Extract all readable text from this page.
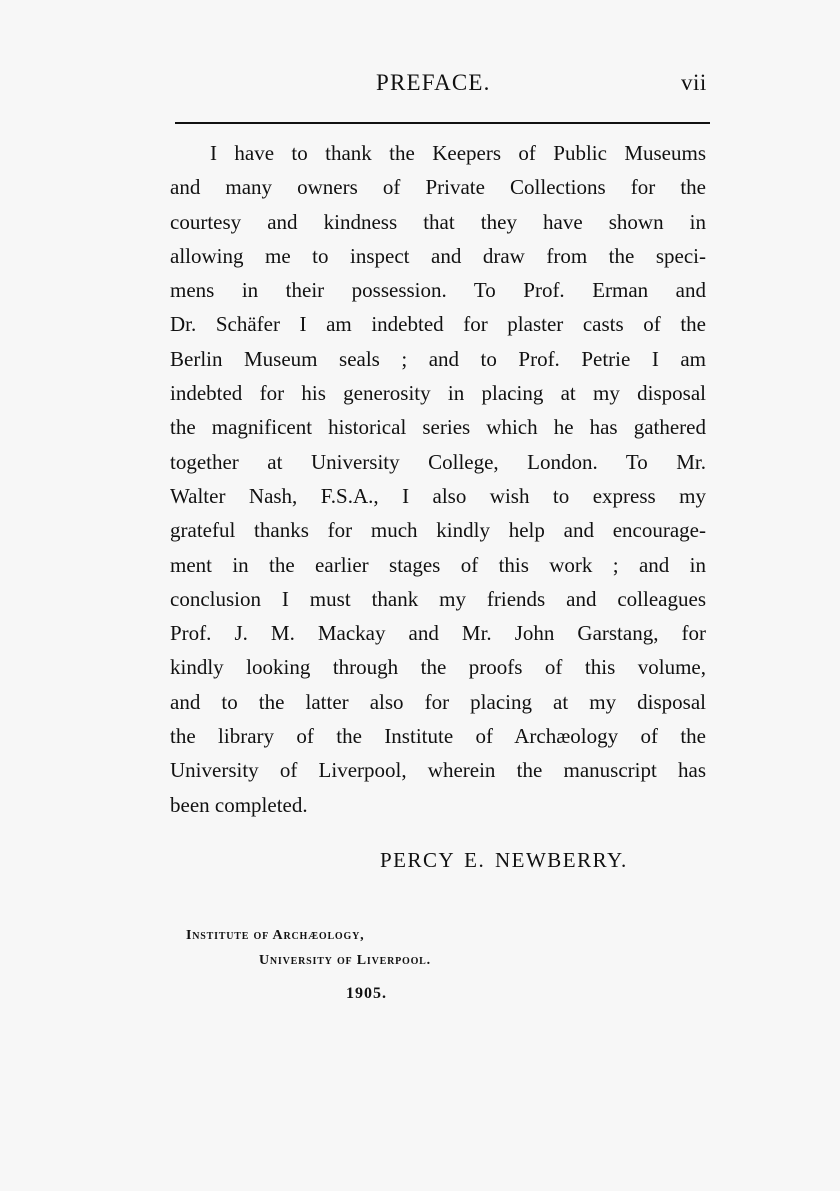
PREFACE.	vii
I have to thank the Keepers of Public Museums
and many owners of Private Collections for the
courtesy and kindness that they have shown in
allowing me to inspect and draw from the speci-
mens in their possession. To Prof. Erman and
Dr. Schäfer I am indebted for plaster casts of the
Berlin Museum seals ; and to Prof. Petrie I am
indebted for his generosity in placing at my disposal
the magnificent historical series which he has gathered
together at University College, London. To Mr.
Walter Nash, F.S.A., I also wish to express my
grateful thanks for much kindly help and encourage-
ment in the earlier stages of this work ; and in
conclusion I must thank my friends and colleagues
Prof. J. M. Mackay and Mr. John Garstang, for
kindly looking through the proofs of this volume,
and to the latter also for placing at my disposal
the library of the Institute of Archæology of the
University of Liverpool, wherein the manuscript has
been completed.
PERCY E. NEWBERRY.
Institute of Archæology,
University of Liverpool.
1905.
